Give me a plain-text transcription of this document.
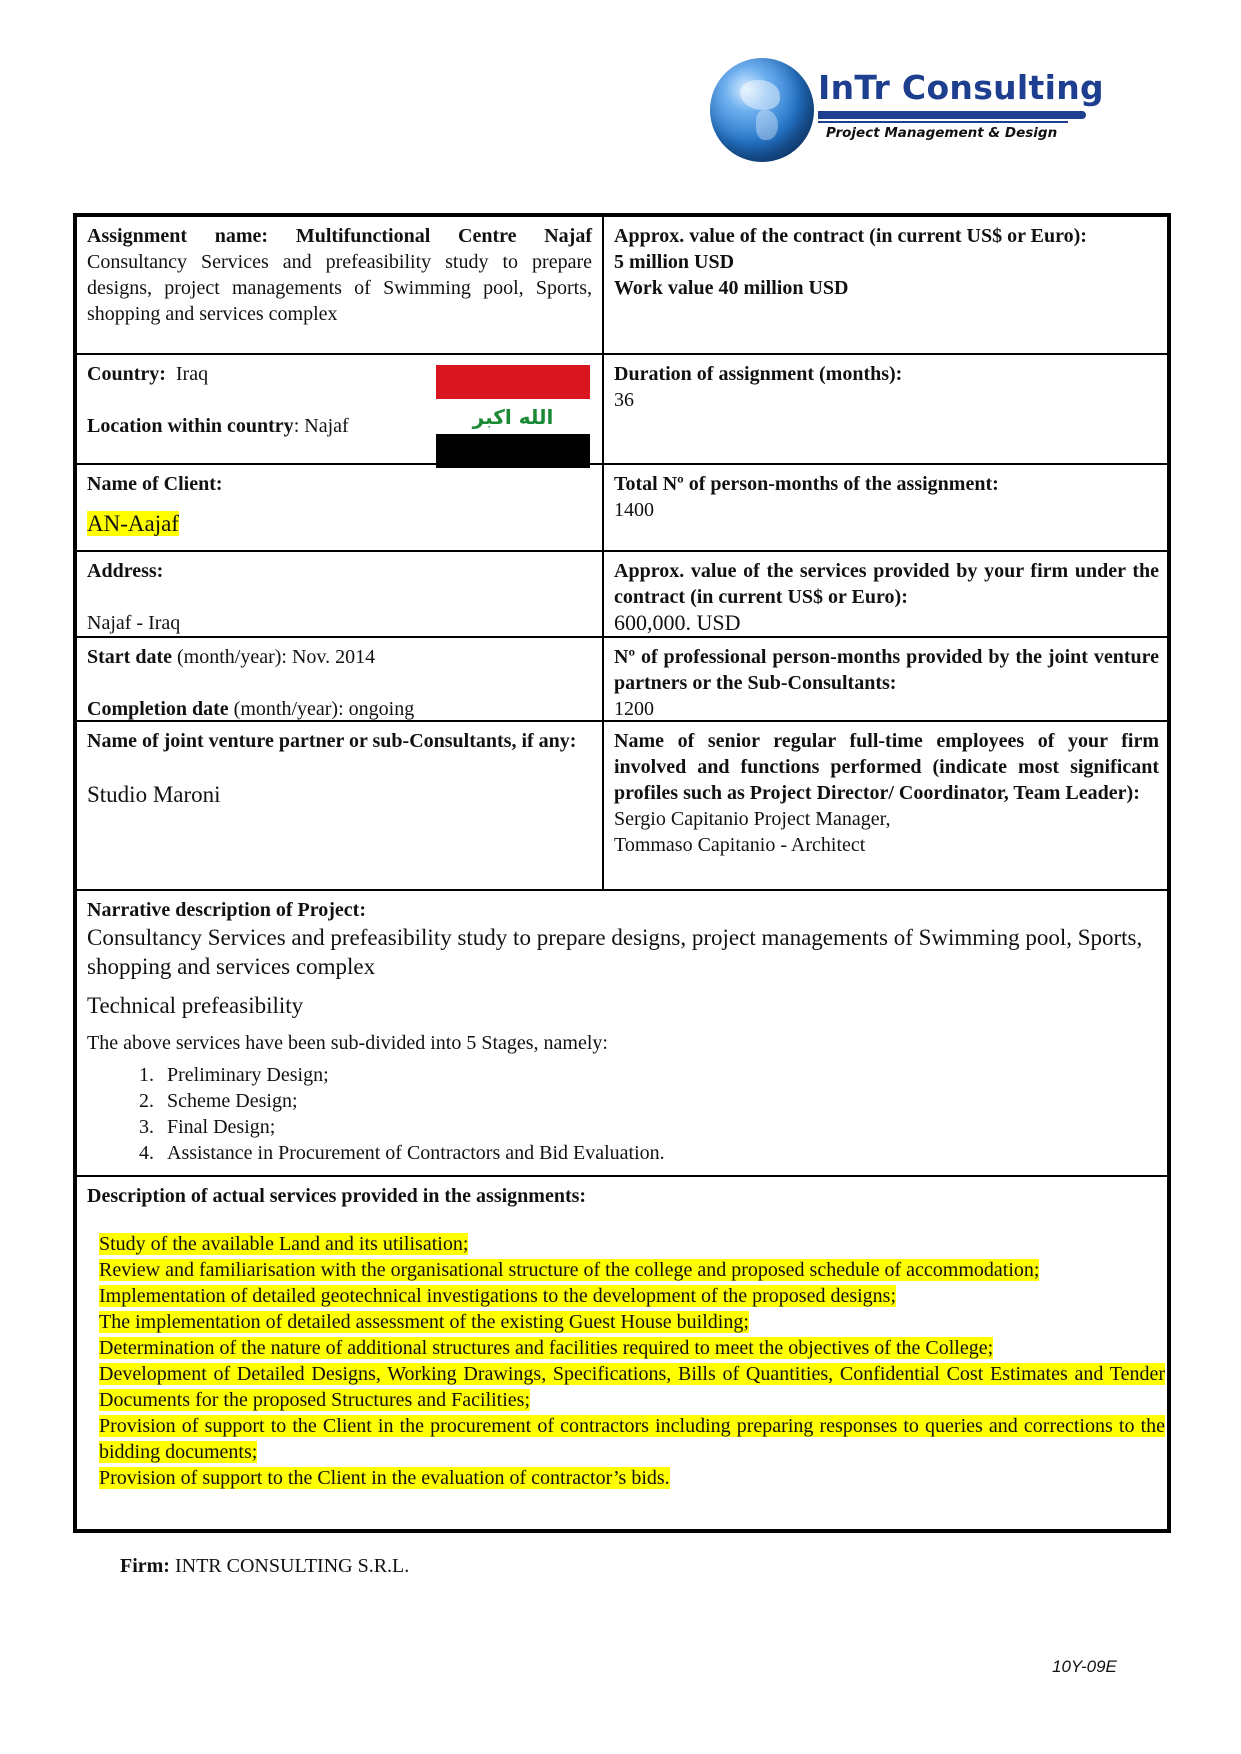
InTr Consulting
Project Management & Design
Assignment name: Multifunctional Centre Najaf Consultancy Services and prefeasibility study to prepare designs, project managements of Swimming pool, Sports, shopping and services complex
Approx. value of the contract (in current US$ or Euro):
5 million USD
Work value 40 million USD
Country: Iraq
Location within country: Najaf	الله اكبر
Duration of assignment (months):
36
Name of Client:
AN-Aajaf
Total Nº of person-months of the assignment:
1400
Address:
Najaf - Iraq
Approx. value of the services provided by your firm under the contract (in current US$ or Euro):
600,000. USD
Start date (month/year): Nov. 2014
Completion date (month/year): ongoing
Nº of professional person-months provided by the joint venture partners or the Sub-Consultants:
1200
Name of joint venture partner or sub-Consultants, if any:
Studio Maroni
Name of senior regular full-time employees of your firm involved and functions performed (indicate most significant profiles such as Project Director/ Coordinator, Team Leader):
Sergio Capitanio Project Manager,
Tommaso Capitanio - Architect
Narrative description of Project:
Consultancy Services and prefeasibility study to prepare designs, project managements of Swimming pool, Sports, shopping and services complex
Technical prefeasibility
The above services have been sub-divided into 5 Stages, namely:
1. Preliminary Design;
2. Scheme Design;
3. Final Design;
4. Assistance in Procurement of Contractors and Bid Evaluation.
Description of actual services provided in the assignments:
Study of the available Land and its utilisation;
Review and familiarisation with the organisational structure of the college and proposed schedule of accommodation;
Implementation of detailed geotechnical investigations to the development of the proposed designs;
The implementation of detailed assessment of the existing Guest House building;
Determination of the nature of additional structures and facilities required to meet the objectives of the College;
Development of Detailed Designs, Working Drawings, Specifications, Bills of Quantities, Confidential Cost Estimates and Tender Documents for the proposed Structures and Facilities;
Provision of support to the Client in the procurement of contractors including preparing responses to queries and corrections to the bidding documents;
Provision of support to the Client in the evaluation of contractor’s bids.
Firm: INTR CONSULTING S.R.L.
10Y-09E
